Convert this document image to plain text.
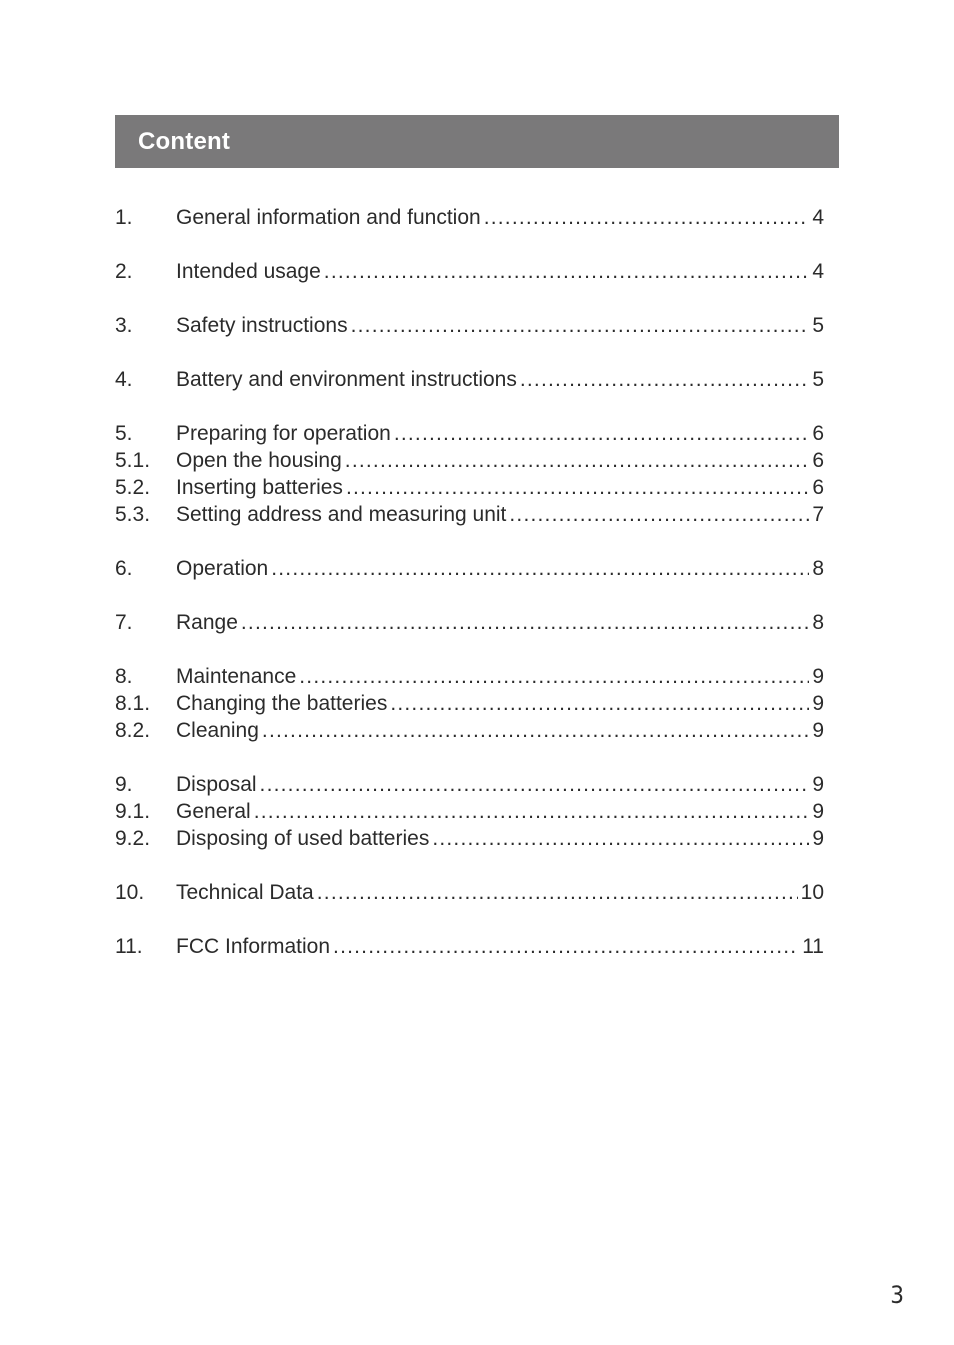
Content
1.	General information and function .....	4
2.	Intended usage .....	4
3.	Safety instructions .....	5
4.	Battery and environment instructions .....	5
5.	Preparing for operation .....	6
5.1.	Open the housing .....	6
5.2.	Inserting batteries .....	6
5.3.	Setting address and measuring unit .....	7
6.	Operation .....	8
7.	Range .....	8
8.	Maintenance .....	9
8.1.	Changing the batteries .....	9
8.2.	Cleaning .....	9
9.	Disposal .....	9
9.1.	General .....	9
9.2.	Disposing of used batteries .....	9
10.	Technical Data .....	10
11.	FCC Information .....	11
3
